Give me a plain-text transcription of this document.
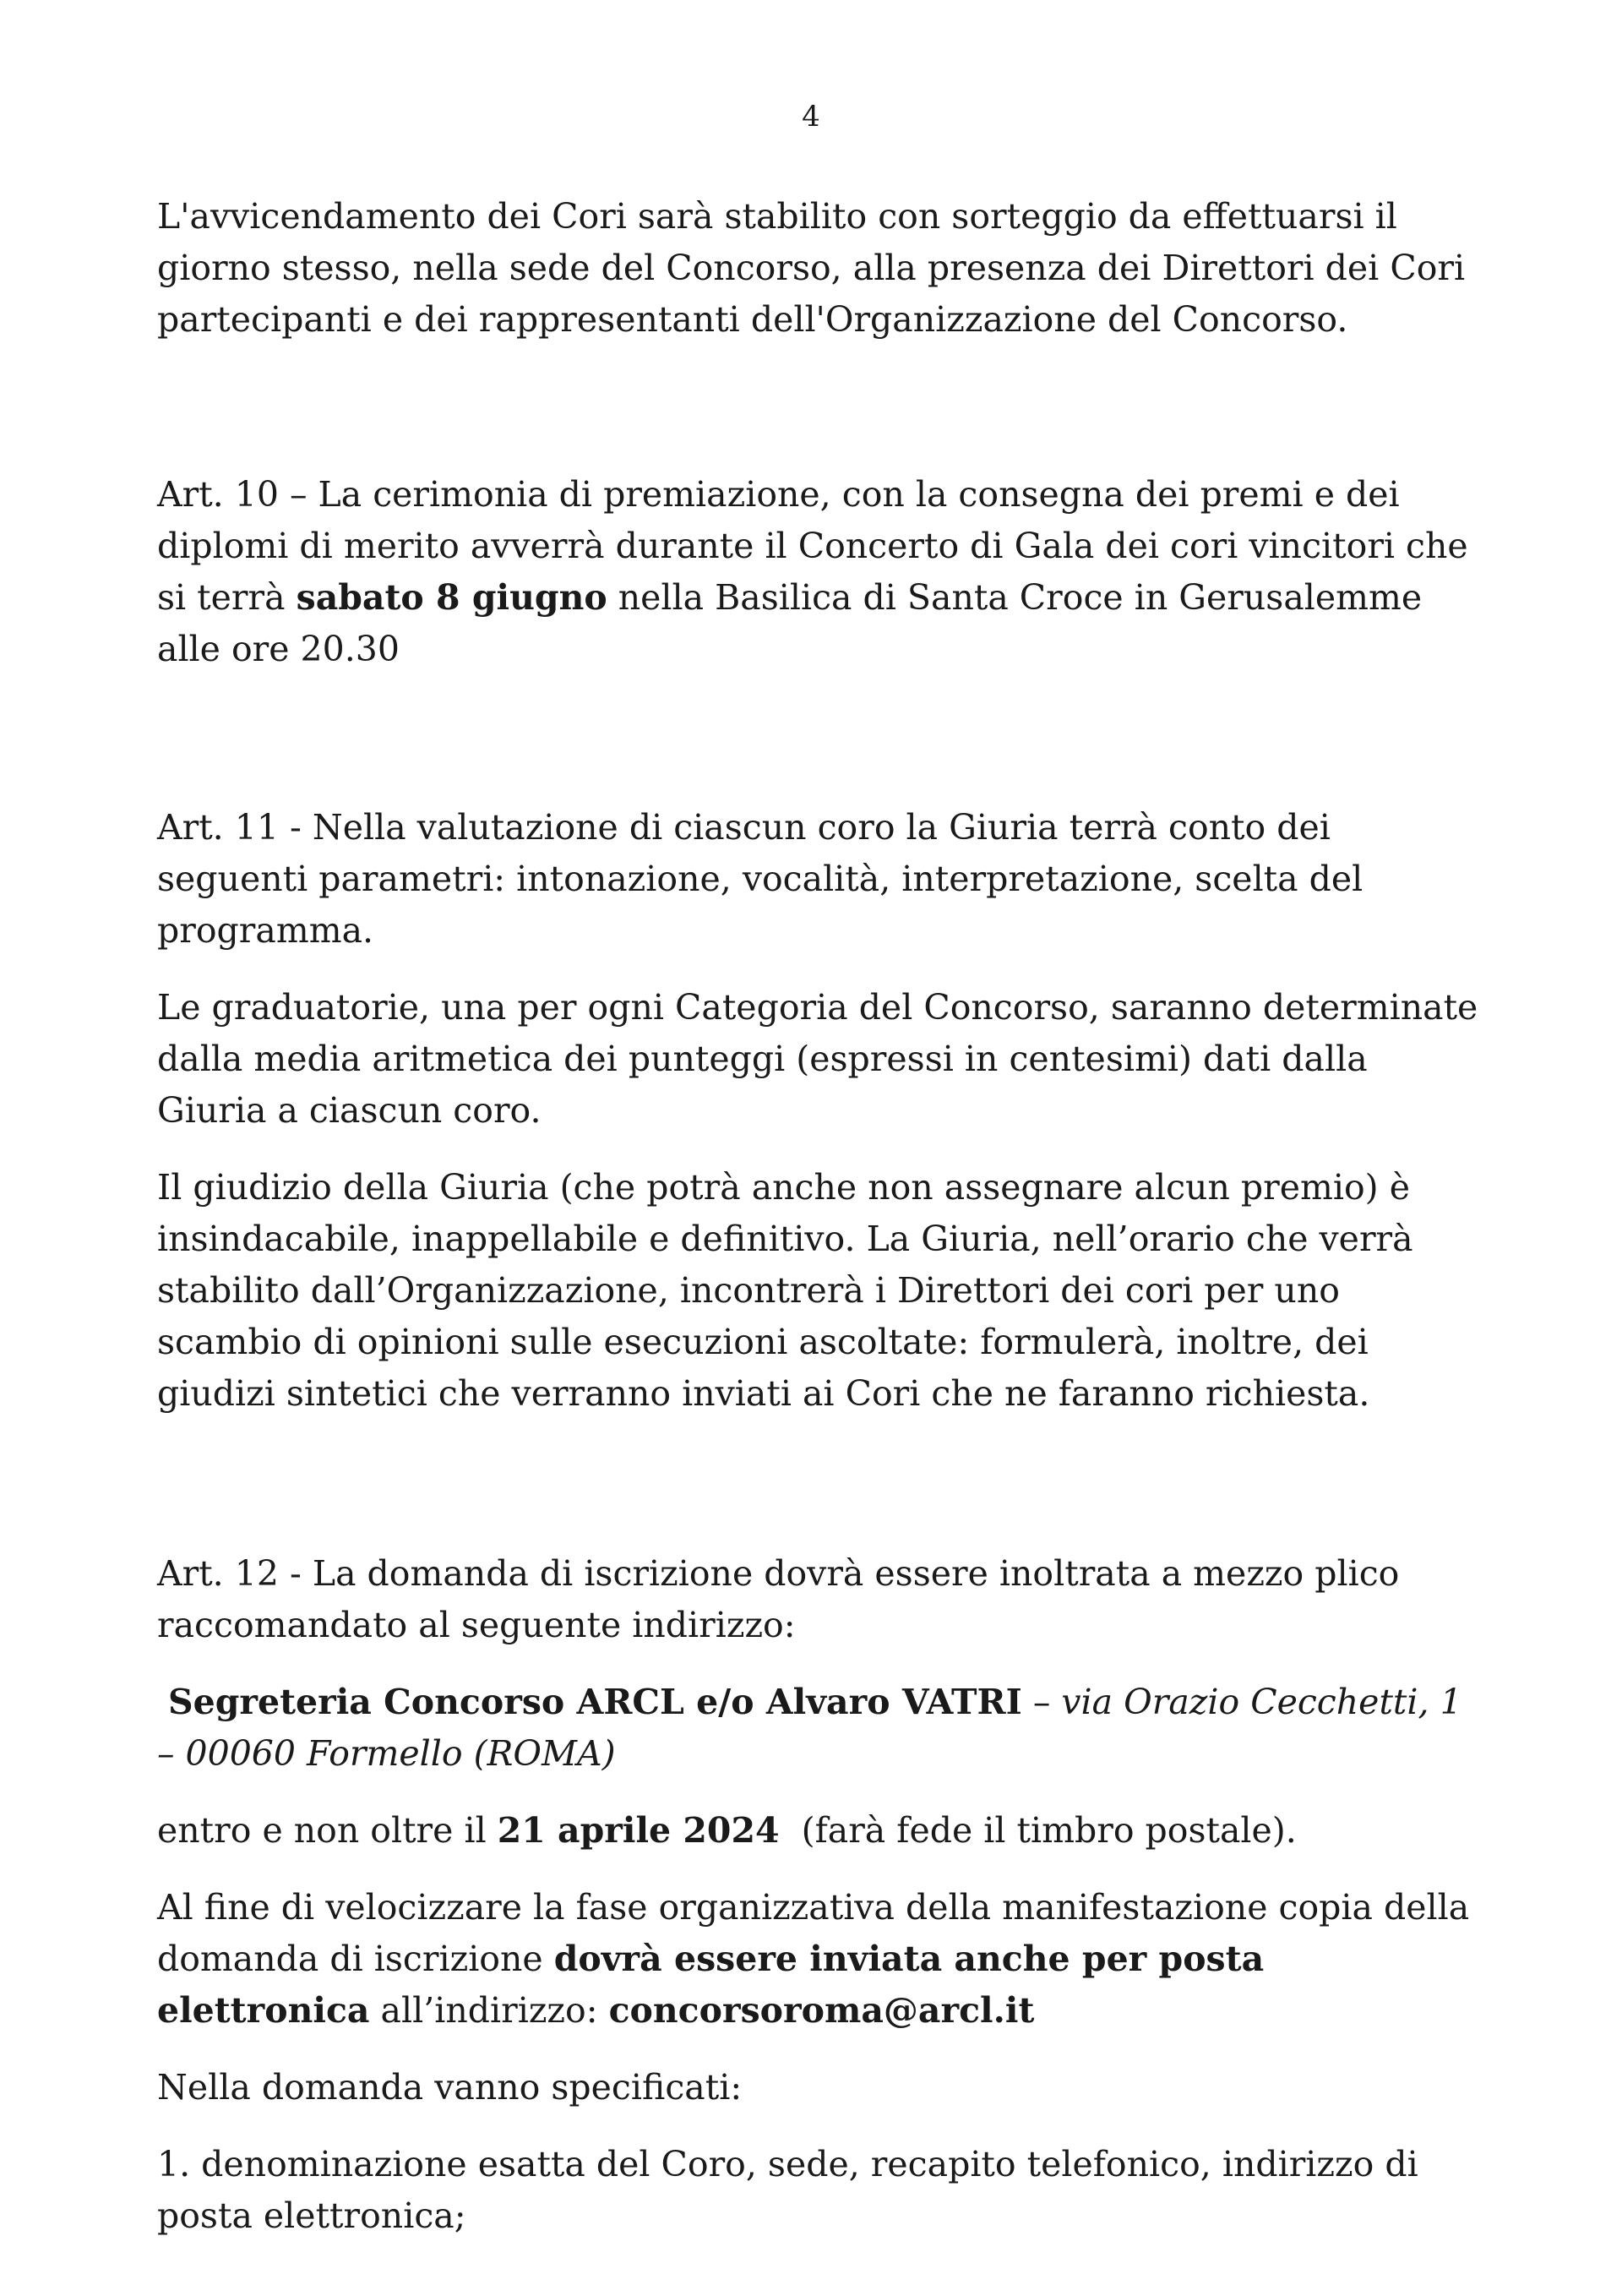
4

L'avvicendamento dei Cori sarà stabilito con sorteggio da effettuarsi il giorno stesso, nella sede del Concorso, alla presenza dei Direttori dei Cori partecipanti e dei rappresentanti dell'Organizzazione del Concorso.

Art. 10 – La cerimonia di premiazione, con la consegna dei premi e dei diplomi di merito avverrà durante il Concerto di Gala dei cori vincitori che si terrà sabato 8 giugno nella Basilica di Santa Croce in Gerusalemme alle ore 20.30

Art. 11 - Nella valutazione di ciascun coro la Giuria terrà conto dei seguenti parametri: intonazione, vocalità, interpretazione, scelta del programma.

Le graduatorie, una per ogni Categoria del Concorso, saranno determinate dalla media aritmetica dei punteggi (espressi in centesimi) dati dalla Giuria a ciascun coro.

Il giudizio della Giuria (che potrà anche non assegnare alcun premio) è insindacabile, inappellabile e definitivo. La Giuria, nell’orario che verrà stabilito dall’Organizzazione, incontrerà i Direttori dei cori per uno scambio di opinioni sulle esecuzioni ascoltate: formulerà, inoltre, dei giudizi sintetici che verranno inviati ai Cori che ne faranno richiesta.

Art. 12 - La domanda di iscrizione dovrà essere inoltrata a mezzo plico raccomandato al seguente indirizzo:

Segreteria Concorso ARCL e/o Alvaro VATRI – via Orazio Cecchetti, 1 – 00060 Formello (ROMA)

entro e non oltre il 21 aprile 2024  (farà fede il timbro postale).

Al fine di velocizzare la fase organizzativa della manifestazione copia della domanda di iscrizione dovrà essere inviata anche per posta elettronica all’indirizzo: concorsoroma@arcl.it

Nella domanda vanno specificati:

1. denominazione esatta del Coro, sede, recapito telefonico, indirizzo di posta elettronica;
